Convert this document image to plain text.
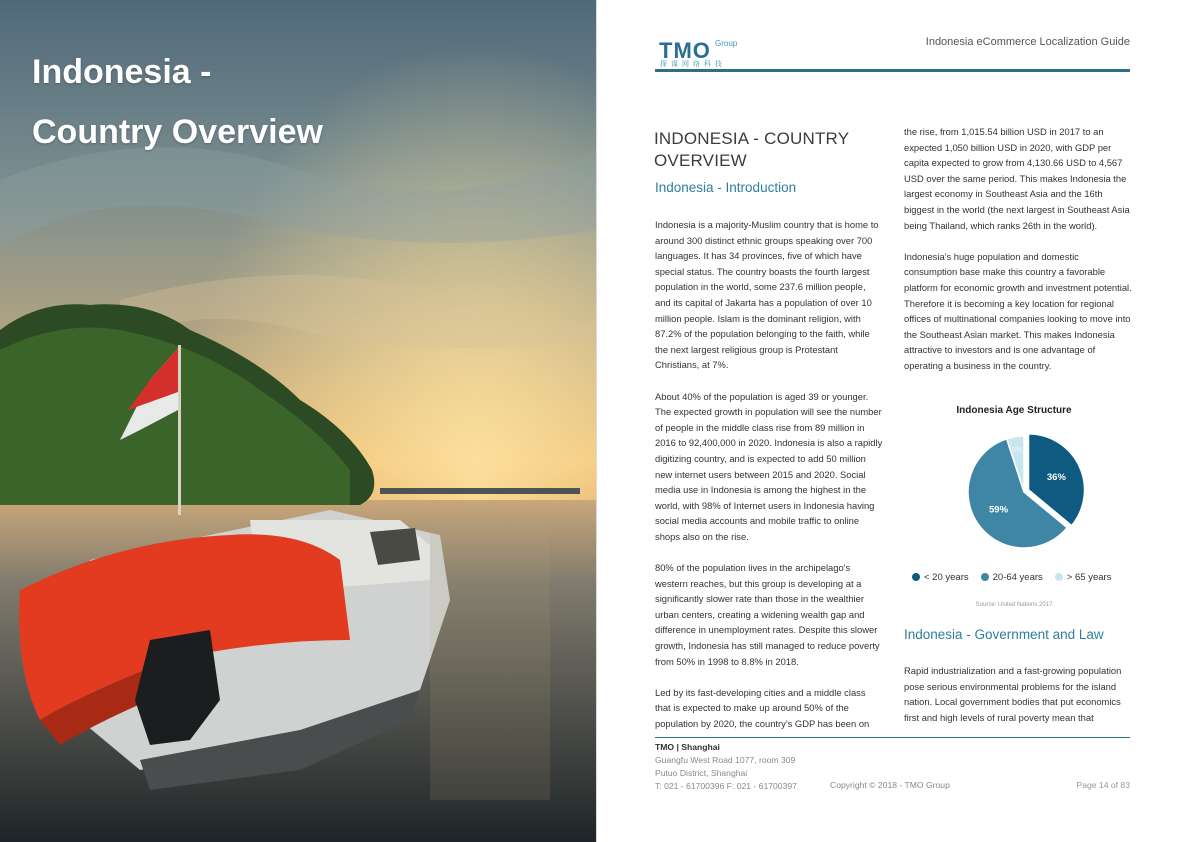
Indonesia -
Country Overview
TMO Group
探谋网络科技
Indonesia eCommerce Localization Guide
INDONESIA - COUNTRY
OVERVIEW
Indonesia - Introduction

Indonesia is a majority-Muslim country that is home to around 300 distinct ethnic groups speaking over 700 languages. It has 34 provinces, five of which have special status. The country boasts the fourth largest population in the world, some 237.6 million people, and its capital of Jakarta has a population of over 10 million people. Islam is the dominant religion, with 87.2% of the population belonging to the faith, while the next largest religious group is Protestant Christians, at 7%.

About 40% of the population is aged 39 or younger. The expected growth in population will see the number of people in the middle class rise from 89 million in 2016 to 92,400,000 in 2020. Indonesia is also a rapidly digitizing country, and is expected to add 50 million new internet users between 2015 and 2020. Social media use in Indonesia is among the highest in the world, with 98% of Internet users in Indonesia having social media accounts and mobile traffic to online shops also on the rise.

80% of the population lives in the archipelago's western reaches, but this group is developing at a significantly slower rate than those in the wealthier urban centers, creating a widening wealth gap and difference in unemployment rates. Despite this slower growth, Indonesia has still managed to reduce poverty from 50% in 1998 to 8.8% in 2018.

Led by its fast-developing cities and a middle class that is expected to make up around 50% of the population by 2020, the country's GDP has been on

the rise, from 1,015.54 billion USD in 2017 to an expected 1,050 billion USD in 2020, with GDP per capita expected to grow from 4,130.66 USD to 4,567 USD over the same period. This makes Indonesia the largest economy in Southeast Asia and the 16th biggest in the world (the next largest in Southeast Asia being Thailand, which ranks 26th in the world).

Indonesia's huge population and domestic consumption base make this country a favorable platform for economic growth and investment potential. Therefore it is becoming a key location for regional offices of multinational companies looking to move into the Southeast Asian market. This makes Indonesia attractive to investors and is one advantage of operating a business in the country.

Indonesia Age Structure
36%
59%
5%
< 20 years	20-64 years	> 65 years
Source: United Nations 2017
Indonesia - Government and Law

Rapid industrialization and a fast-growing population pose serious environmental problems for the island nation. Local government bodies that put economics first and high levels of rural poverty mean that

TMO | Shanghai
Guangfu West Road 1077, room 309
Putuo District, Shanghai
T: 021 - 61700396 F: 021 - 61700397	Copyright © 2018 - TMO Group	Page 14 of 83
